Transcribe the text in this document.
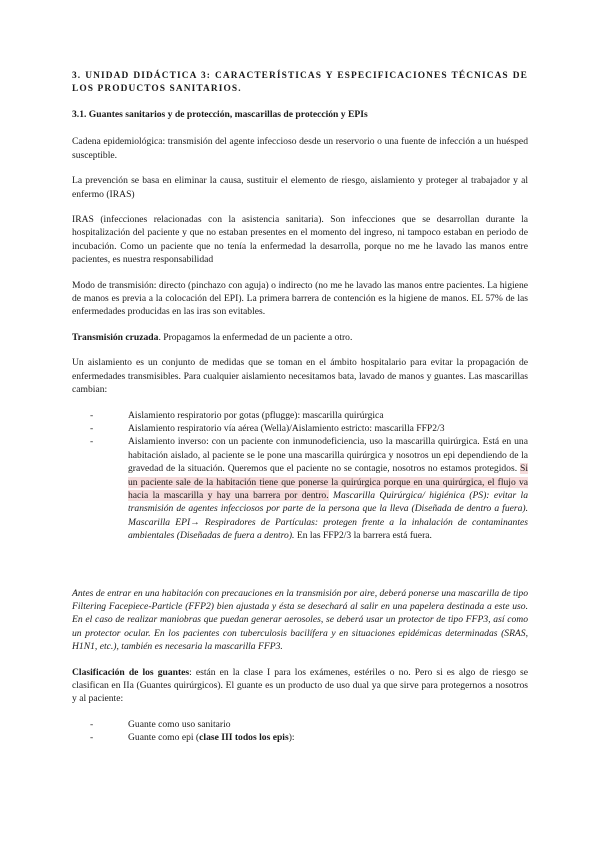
3. UNIDAD DIDÁCTICA 3: CARACTERÍSTICAS Y ESPECIFICACIONES TÉCNICAS DE LOS PRODUCTOS SANITARIOS.
3.1. Guantes sanitarios y de protección, mascarillas de protección y EPIs

Cadena epidemiológica: transmisión del agente infeccioso desde un reservorio o una fuente de infección a un huésped susceptible.

La prevención se basa en eliminar la causa, sustituir el elemento de riesgo, aislamiento y proteger al trabajador y al enfermo (IRAS)

IRAS (infecciones relacionadas con la asistencia sanitaria). Son infecciones que se desarrollan durante la hospitalización del paciente y que no estaban presentes en el momento del ingreso, ni tampoco estaban en periodo de incubación. Como un paciente que no tenía la enfermedad la desarrolla, porque no me he lavado las manos entre pacientes, es nuestra responsabilidad

Modo de transmisión: directo (pinchazo con aguja) o indirecto (no me he lavado las manos entre pacientes. La higiene de manos es previa a la colocación del EPI). La primera barrera de contención es la higiene de manos. EL 57% de las enfermedades producidas en las iras son evitables.

Transmisión cruzada. Propagamos la enfermedad de un paciente a otro.

Un aislamiento es un conjunto de medidas que se toman en el ámbito hospitalario para evitar la propagación de enfermedades transmisibles. Para cualquier aislamiento necesitamos bata, lavado de manos y guantes. Las mascarillas cambian:

-	Aislamiento respiratorio por gotas (pflugge): mascarilla quirúrgica
-	Aislamiento respiratorio vía aérea (Wella)/Aislamiento estricto: mascarilla FFP2/3
-	Aislamiento inverso: con un paciente con inmunodeficiencia, uso la mascarilla quirúrgica. Está en una habitación aislado, al paciente se le pone una mascarilla quirúrgica y nosotros un epi dependiendo de la gravedad de la situación. Queremos que el paciente no se contagie, nosotros no estamos protegidos. Si un paciente sale de la habitación tiene que ponerse la quirúrgica porque en una quirúrgica, el flujo va hacia la mascarilla y hay una barrera por dentro. Mascarilla Quirúrgica/ higiénica (PS): evitar la transmisión de agentes infecciosos por parte de la persona que la lleva (Diseñada de dentro a fuera). Mascarilla EPI→ Respiradores de Partículas: protegen frente a la inhalación de contaminantes ambientales (Diseñadas de fuera a dentro). En las FFP2/3 la barrera está fuera.

Antes de entrar en una habitación con precauciones en la transmisión por aire, deberá ponerse una mascarilla de tipo Filtering Facepiece-Particle (FFP2) bien ajustada y ésta se desechará al salir en una papelera destinada a este uso. En el caso de realizar maniobras que puedan generar aerosoles, se deberá usar un protector de tipo FFP3, así como un protector ocular. En los pacientes con tuberculosis bacilífera y en situaciones epidémicas determinadas (SRAS, H1N1, etc.), también es necesaria la mascarilla FFP3.

Clasificación de los guantes: están en la clase I para los exámenes, estériles o no. Pero si es algo de riesgo se clasifican en IIa (Guantes quirúrgicos). El guante es un producto de uso dual ya que sirve para protegernos a nosotros y al paciente:

-	Guante como uso sanitario
-	Guante como epi (clase III todos los epis):
